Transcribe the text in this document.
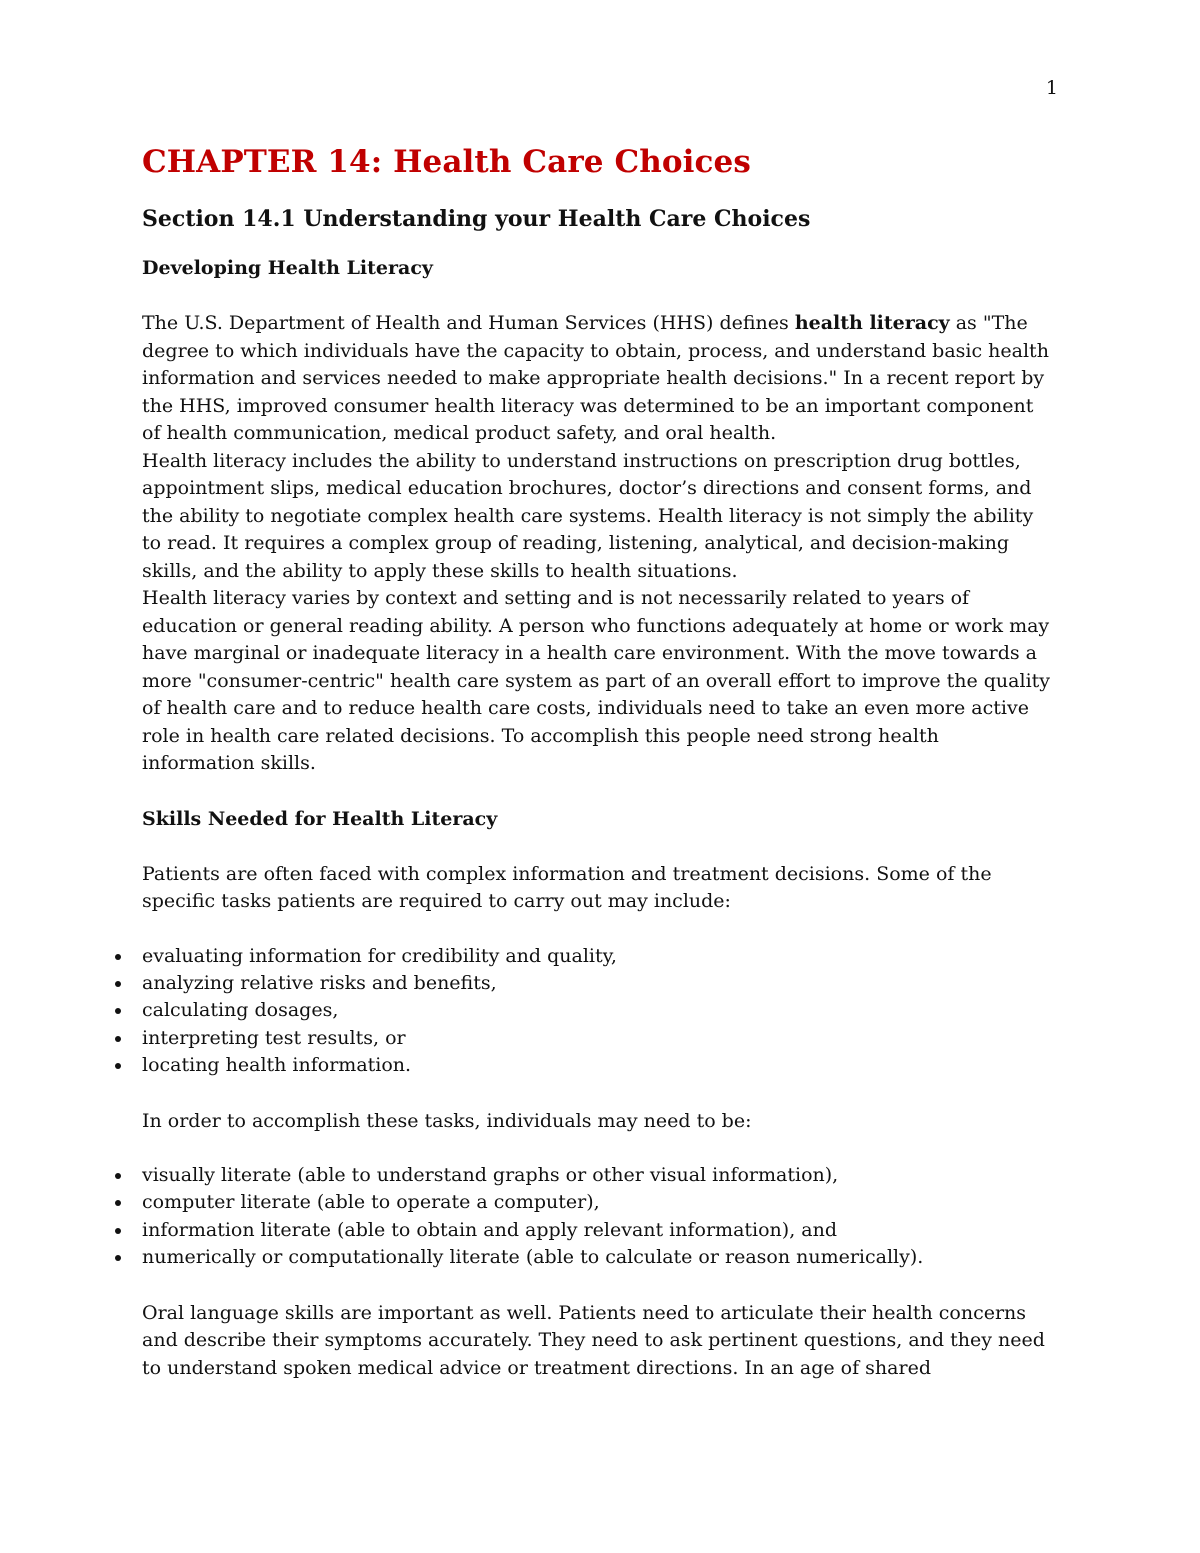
1
CHAPTER 14: Health Care Choices
Section 14.1 Understanding your Health Care Choices
Developing Health Literacy

The U.S. Department of Health and Human Services (HHS) defines health literacy as "The degree to which individuals have the capacity to obtain, process, and understand basic health information and services needed to make appropriate health decisions." In a recent report by the HHS, improved consumer health literacy was determined to be an important component of health communication, medical product safety, and oral health.

Health literacy includes the ability to understand instructions on prescription drug bottles, appointment slips, medical education brochures, doctor’s directions and consent forms, and the ability to negotiate complex health care systems. Health literacy is not simply the ability to read. It requires a complex group of reading, listening, analytical, and decision-making skills, and the ability to apply these skills to health situations.

Health literacy varies by context and setting and is not necessarily related to years of education or general reading ability. A person who functions adequately at home or work may have marginal or inadequate literacy in a health care environment. With the move towards a more "consumer-centric" health care system as part of an overall effort to improve the quality of health care and to reduce health care costs, individuals need to take an even more active role in health care related decisions. To accomplish this people need strong health information skills.

Skills Needed for Health Literacy

Patients are often faced with complex information and treatment decisions. Some of the specific tasks patients are required to carry out may include:

evaluating information for credibility and quality,
analyzing relative risks and benefits,
calculating dosages,
interpreting test results, or
locating health information.

In order to accomplish these tasks, individuals may need to be:

visually literate (able to understand graphs or other visual information),
computer literate (able to operate a computer),
information literate (able to obtain and apply relevant information), and
numerically or computationally literate (able to calculate or reason numerically).

Oral language skills are important as well. Patients need to articulate their health concerns and describe their symptoms accurately. They need to ask pertinent questions, and they need to understand spoken medical advice or treatment directions. In an age of shared
